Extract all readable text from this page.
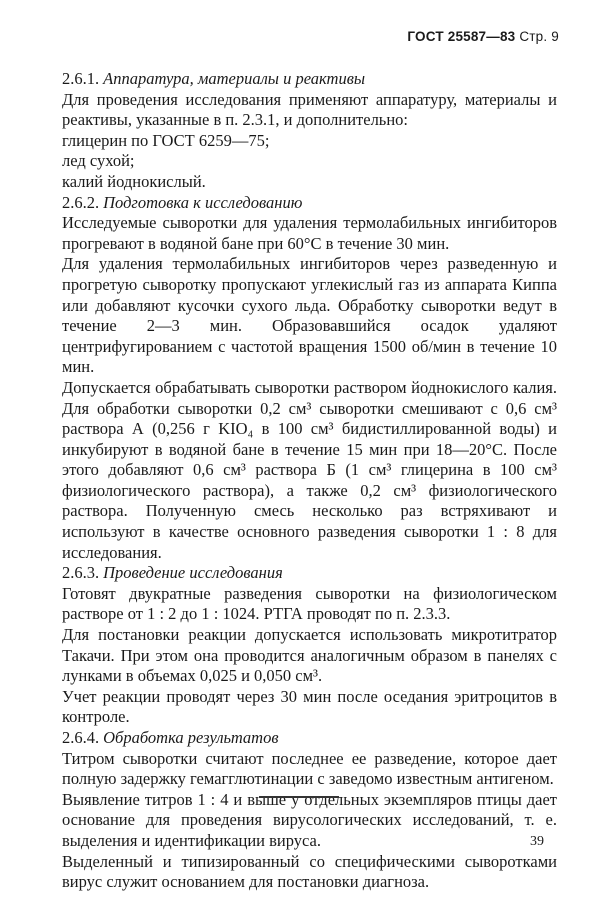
ГОСТ 25587—83 Стр. 9

2.6.1. Аппаратура, материалы и реактивы

Для проведения исследования применяют аппаратуру, материалы и реактивы, указанные в п. 2.3.1, и дополнительно:

глицерин по ГОСТ 6259—75;

лед сухой;

калий йоднокислый.

2.6.2. Подготовка к исследованию

Исследуемые сыворотки для удаления термолабильных ингибиторов прогревают в водяной бане при 60°С в течение 30 мин.

Для удаления термолабильных ингибиторов через разведенную и прогретую сыворотку пропускают углекислый газ из аппарата Киппа или добавляют кусочки сухого льда. Обработку сыворотки ведут в течение 2—3 мин. Образовавшийся осадок удаляют центрифугированием с частотой вращения 1500 об/мин в течение 10 мин.

Допускается обрабатывать сыворотки раствором йоднокислого калия. Для обработки сыворотки 0,2 см³ сыворотки смешивают с 0,6 см³ раствора А (0,256 г KIO₄ в 100 см³ бидистиллированной воды) и инкубируют в водяной бане в течение 15 мин при 18—20°С. После этого добавляют 0,6 см³ раствора Б (1 см³ глицерина в 100 см³ физиологического раствора), а также 0,2 см³ физиологического раствора. Полученную смесь несколько раз встряхивают и используют в качестве основного разведения сыворотки 1 : 8 для исследования.

2.6.3. Проведение исследования

Готовят двукратные разведения сыворотки на физиологическом растворе от 1 : 2 до 1 : 1024. РТГА проводят по п. 2.3.3.

Для постановки реакции допускается использовать микротитратор Такачи. При этом она проводится аналогичным образом в панелях с лунками в объемах 0,025 и 0,050 см³.

Учет реакции проводят через 30 мин после оседания эритроцитов в контроле.

2.6.4. Обработка результатов

Титром сыворотки считают последнее ее разведение, которое дает полную задержку гемагглютинации с заведомо известным антигеном.

Выявление титров 1 : 4 и выше у отдельных экземпляров птицы дает основание для проведения вирусологических исследований, т. е. выделения и идентификации вируса.

Выделенный и типизированный со специфическими сыворотками вирус служит основанием для постановки диагноза.

39
